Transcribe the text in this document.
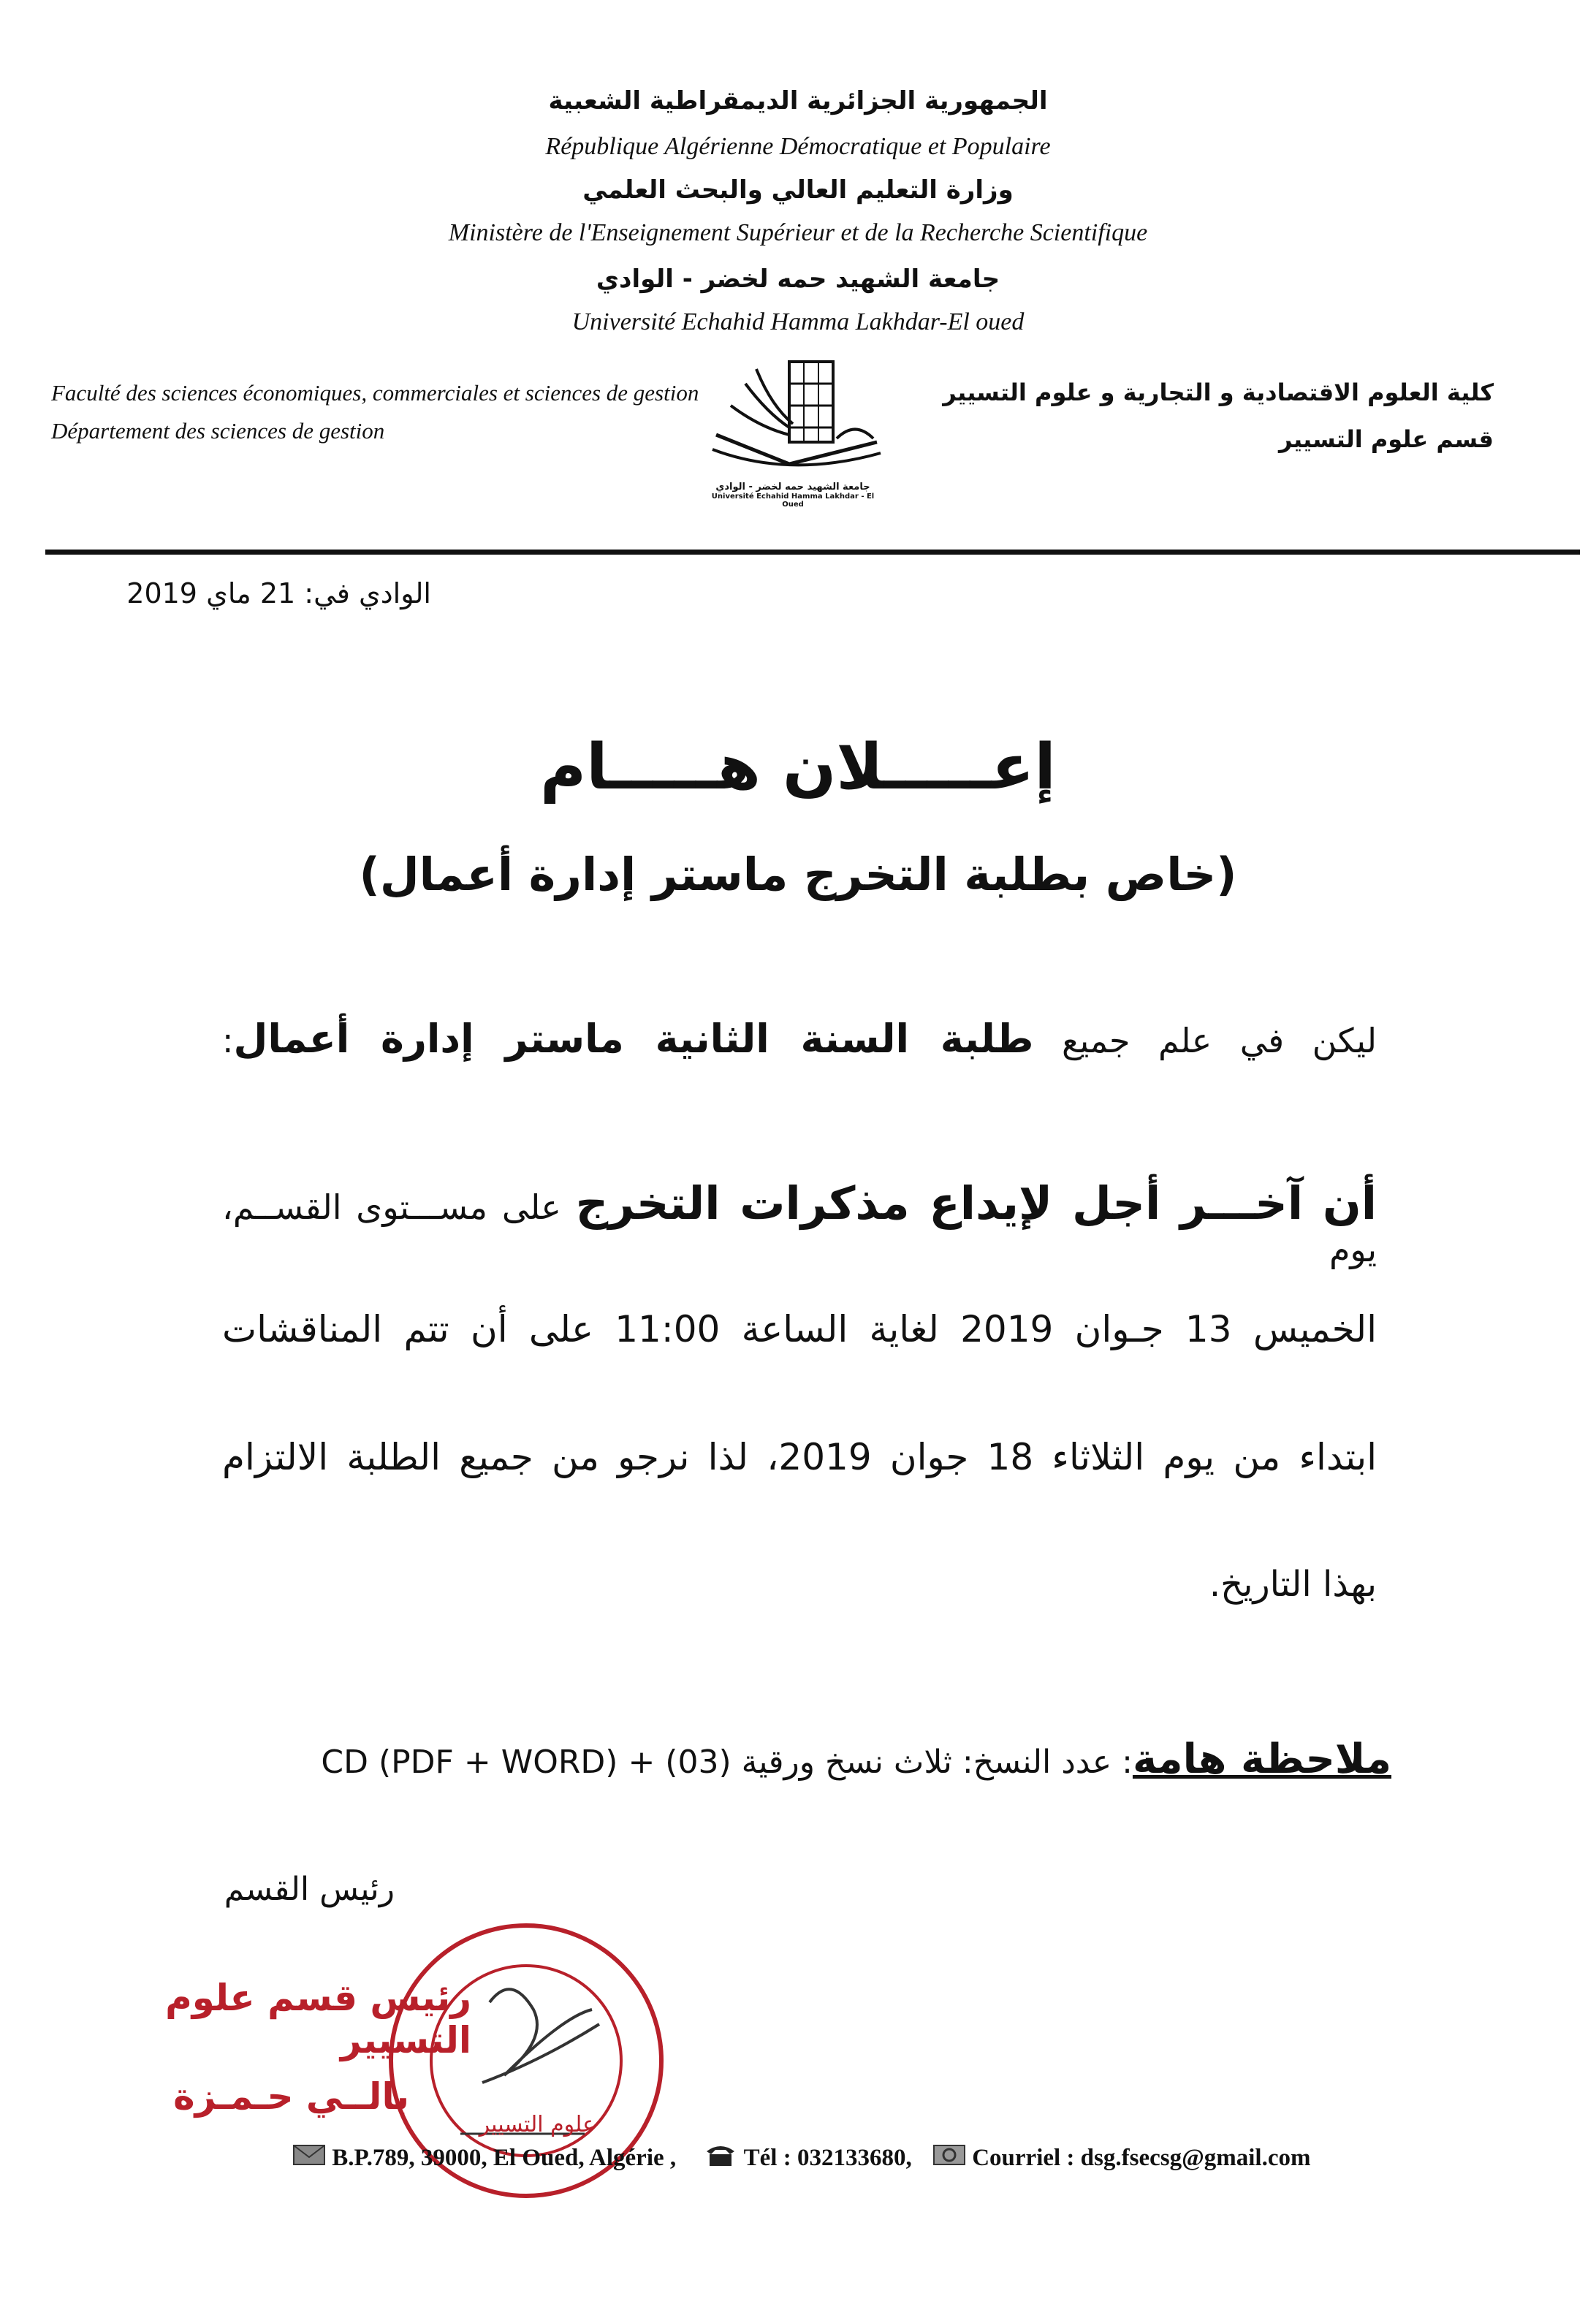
الجمهورية الجزائرية الديمقراطية الشعبية
République Algérienne Démocratique et Populaire
وزارة التعليم العالي والبحث العلمي
Ministère de l'Enseignement Supérieur et de la Recherche Scientifique
جامعة الشهيد حمه لخضر - الوادي
Université Echahid Hamma Lakhdar-El oued
Faculté des sciences économiques, commerciales et sciences de gestion
Département des sciences de gestion
كلية العلوم الاقتصادية و التجارية و علوم التسيير
قسم علوم التسيير
جامعة الشهيد حمه لخضر - الوادي
Université Echahid Hamma Lakhdar - El Oued
الوادي في: 21 ماي 2019
إعـــــلان هـــــام
(خاص بطلبة التخرج ماستر إدارة أعمال)
ليكن في علم جميع طلبة السنة الثانية ماستر إدارة أعمال:
أن آخـــر أجل لإيداع مذكرات التخرج على مســـتوى القســم، يوم
الخميس 13 جـوان 2019 لغاية الساعة 11:00 على أن تتم المناقشات
ابتداء من يوم الثلاثاء 18 جوان 2019، لذا نرجو من جميع الطلبة الالتزام
بهذا التاريخ.
ملاحظة هامة: عدد النسخ: ثلاث نسخ ورقية (03) + CD (PDF + WORD)
رئيس القسم
علوم التسيير
رئيس قسم علوم التسيير
بالــي حـمـزة
B.P.789, 39000, El Oued, Algérie ,	Tél : 032133680,	Courriel : dsg.fsecsg@gmail.com
